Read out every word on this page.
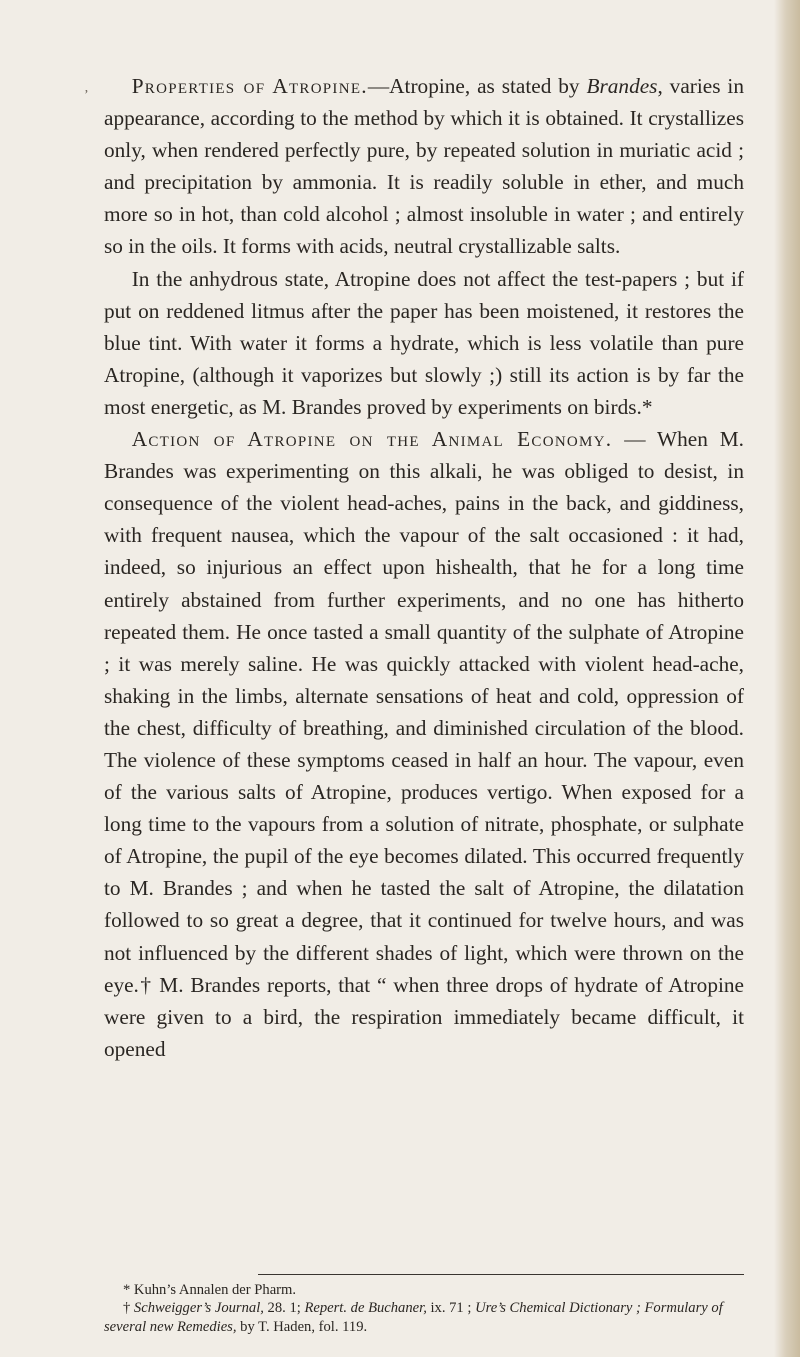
’	Properties of Atropine.—Atropine, as stated by Brandes, varies in appearance, according to the method by which it is obtained. It crystallizes only, when rendered perfectly pure, by repeated solution in muriatic acid ; and precipitation by ammonia. It is readily soluble in ether, and much more so in hot, than cold alcohol ; almost insoluble in water ; and entirely so in the oils. It forms with acids, neutral crystallizable salts.

In the anhydrous state, Atropine does not affect the test-papers ; but if put on reddened litmus after the paper has been moistened, it restores the blue tint. With water it forms a hydrate, which is less volatile than pure Atropine, (although it vaporizes but slowly ;) still its action is by far the most energetic, as M. Brandes proved by experiments on birds.*

Action of Atropine on the Animal Economy. — When M. Brandes was experimenting on this alkali, he was obliged to desist, in consequence of the violent head-aches, pains in the back, and giddiness, with frequent nausea, which the vapour of the salt occasioned : it had, indeed, so injurious an effect upon hishealth, that he for a long time entirely abstained from further experiments, and no one has hitherto repeated them. He once tasted a small quantity of the sulphate of Atropine ; it was merely saline. He was quickly attacked with violent head-ache, shaking in the limbs, alternate sensations of heat and cold, oppression of the chest, difficulty of breathing, and diminished circulation of the blood. The violence of these symptoms ceased in half an hour. The vapour, even of the various salts of Atropine, produces vertigo. When exposed for a long time to the vapours from a solution of nitrate, phosphate, or sulphate of Atropine, the pupil of the eye becomes dilated. This occurred frequently to M. Brandes ; and when he tasted the salt of Atropine, the dilatation followed to so great a degree, that it continued for twelve hours, and was not influenced by the different shades of light, which were thrown on the eye.† M. Brandes reports, that “ when three drops of hydrate of Atropine were given to a bird, the respiration immediately became difficult, it opened

* Kuhn’s Annalen der Pharm.

† Schweigger’s Journal, 28. 1; Repert. de Buchaner, ix. 71 ; Ure’s Chemical Dictionary ; Formulary of several new Remedies, by T. Haden, fol. 119.
